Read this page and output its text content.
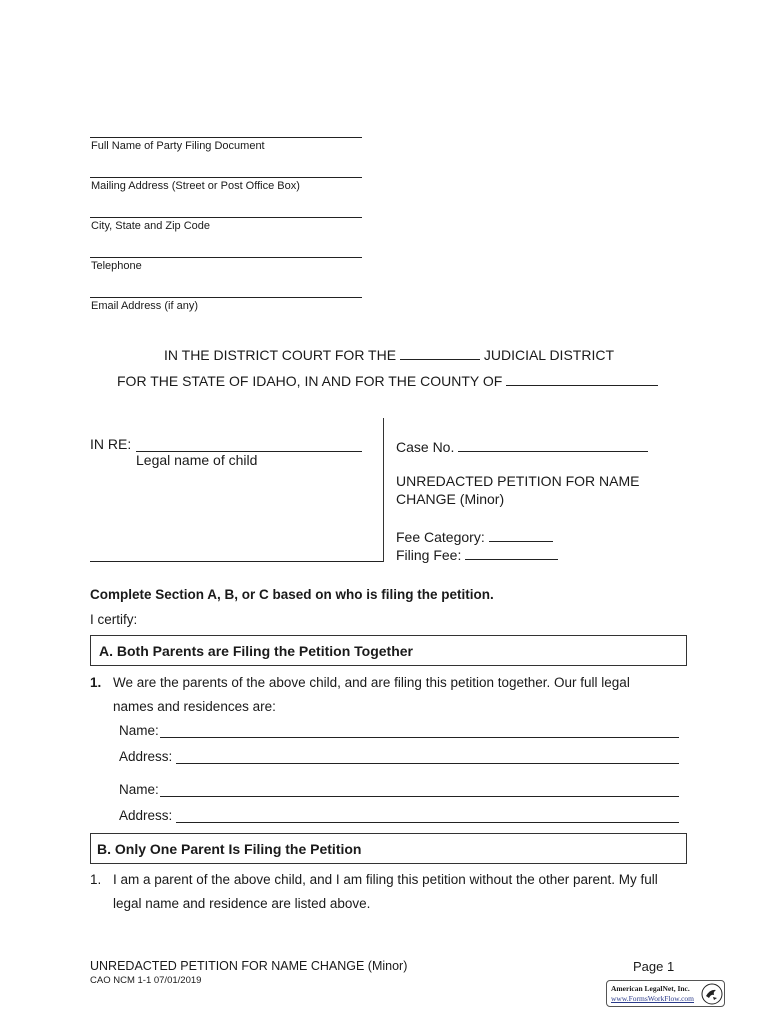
Full Name of Party Filing Document
Mailing Address (Street or Post Office Box)
City, State and Zip Code
Telephone
Email Address (if any)
IN THE DISTRICT COURT FOR THE	JUDICIAL DISTRICT
FOR THE STATE OF IDAHO, IN AND FOR THE COUNTY OF
IN RE:
Legal name of child
Case No.
UNREDACTED PETITION FOR NAME
CHANGE (Minor)
Fee Category:
Filing Fee:
Complete Section A, B, or C based on who is filing the petition.
I certify:
A. Both Parents are Filing the Petition Together
1. We are the parents of the above child, and are filing this petition together. Our full legal
names and residences are:
Name:
Address:
Name:
Address:
B. Only One Parent Is Filing the Petition
1. I am a parent of the above child, and I am filing this petition without the other parent. My full
legal name and residence are listed above.
UNREDACTED PETITION FOR NAME CHANGE (Minor)
CAO NCM 1-1 07/01/2019
Page 1
American LegalNet, Inc.
www.FormsWorkFlow.com
